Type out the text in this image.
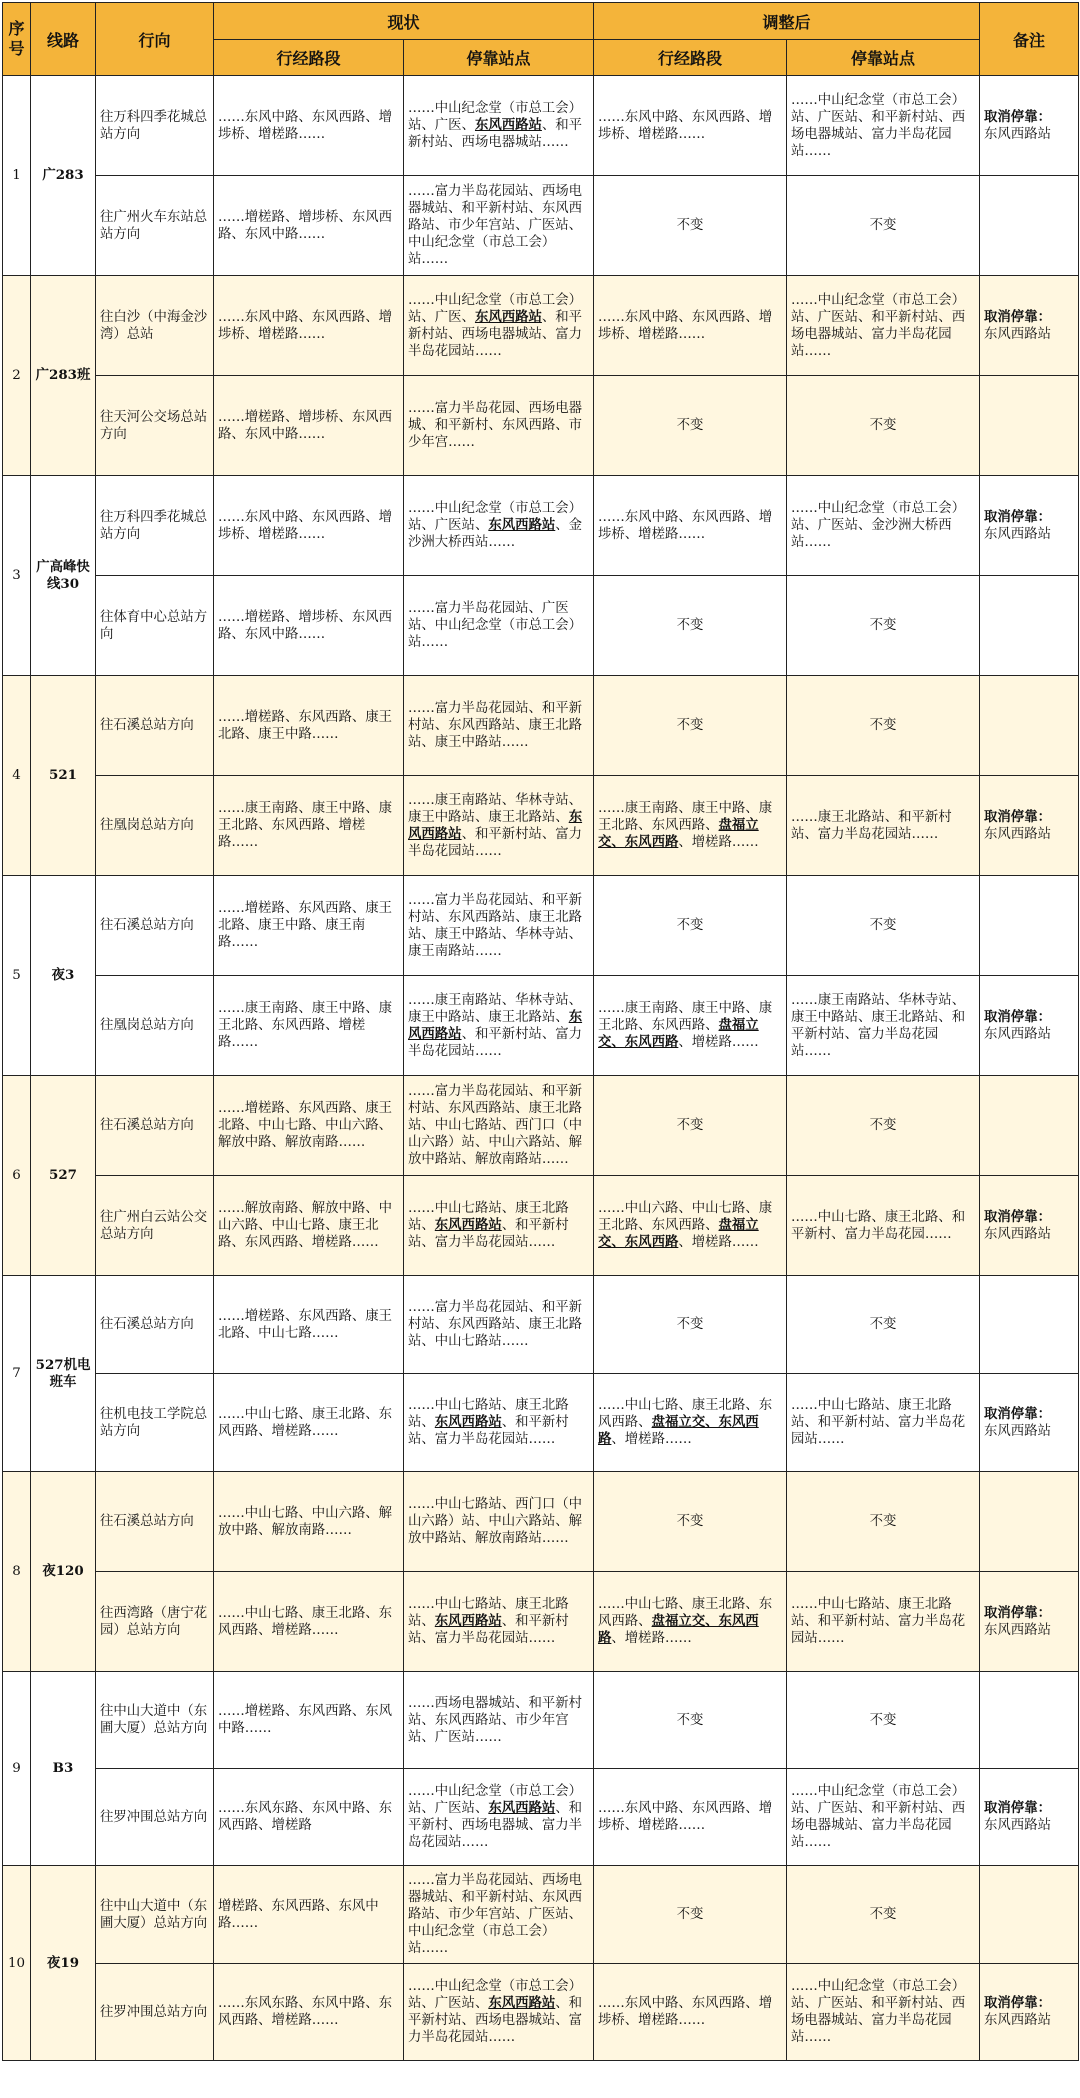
序号	线路	行向	现状		调整后		备注
			行经路段	停靠站点	行经路段	停靠站点	
1	广283	往万科四季花城总站方向	……东风中路、东风西路、增埗桥、增槎路……	……中山纪念堂（市总工会）站、广医、东风西路站、和平新村站、西场电器城站……	……东风中路、东风西路、增埗桥、增槎路……	……中山纪念堂（市总工会）站、广医站、和平新村站、西场电器城站、富力半岛花园站……	取消停靠：
东风西路站
		往广州火车东站总站方向	……增槎路、增埗桥、东风西路、东风中路……	……富力半岛花园站、西场电器城站、和平新村站、东风西路站、市少年宫站、广医站、中山纪念堂（市总工会）站……	不变	不变	
2	广283班	往白沙（中海金沙湾）总站	……东风中路、东风西路、增埗桥、增槎路……	……中山纪念堂（市总工会）站、广医、东风西路站、和平新村站、西场电器城站、富力半岛花园站……	……东风中路、东风西路、增埗桥、增槎路……	……中山纪念堂（市总工会）站、广医站、和平新村站、西场电器城站、富力半岛花园站……	取消停靠：
东风西路站
		往天河公交场总站方向	……增槎路、增埗桥、东风西路、东风中路……	……富力半岛花园、西场电器城、和平新村、东风西路、市少年宫……	不变	不变	
3	广高峰快线30	往万科四季花城总站方向	……东风中路、东风西路、增埗桥、增槎路……	……中山纪念堂（市总工会）站、广医站、东风西路站、金沙洲大桥西站……	……东风中路、东风西路、增埗桥、增槎路……	……中山纪念堂（市总工会）站、广医站、金沙洲大桥西站……	取消停靠：
东风西路站
		往体育中心总站方向	……增槎路、增埗桥、东风西路、东风中路……	……富力半岛花园站、广医站、中山纪念堂（市总工会）站……	不变	不变	
4	521	往石溪总站方向	……增槎路、东风西路、康王北路、康王中路……	……富力半岛花园站、和平新村站、东风西路站、康王北路站、康王中路站……	不变	不变	
		往凰岗总站方向	……康王南路、康王中路、康王北路、东风西路、增槎路……	……康王南路站、华林寺站、康王中路站、康王北路站、东风西路站、和平新村站、富力半岛花园站……	……康王南路、康王中路、康王北路、东风西路、盘福立交、东风西路、增槎路……	……康王北路站、和平新村站、富力半岛花园站……	取消停靠：
东风西路站
5	夜3	往石溪总站方向	……增槎路、东风西路、康王北路、康王中路、康王南路……	……富力半岛花园站、和平新村站、东风西路站、康王北路站、康王中路站、华林寺站、康王南路站……	不变	不变	
		往凰岗总站方向	……康王南路、康王中路、康王北路、东风西路、增槎路……	……康王南路站、华林寺站、康王中路站、康王北路站、东风西路站、和平新村站、富力半岛花园站……	……康王南路、康王中路、康王北路、东风西路、盘福立交、东风西路、增槎路……	……康王南路站、华林寺站、康王中路站、康王北路站、和平新村站、富力半岛花园站……	取消停靠：
东风西路站
6	527	往石溪总站方向	……增槎路、东风西路、康王北路、中山七路、中山六路、解放中路、解放南路……	……富力半岛花园站、和平新村站、东风西路站、康王北路站、中山七路站、西门口（中山六路）站、中山六路站、解放中路站、解放南路站……	不变	不变	
		往广州白云站公交总站方向	……解放南路、解放中路、中山六路、中山七路、康王北路、东风西路、增槎路……	……中山七路站、康王北路站、东风西路站、和平新村站、富力半岛花园站……	……中山六路、中山七路、康王北路、东风西路、盘福立交、东风西路、增槎路……	……中山七路、康王北路、和平新村、富力半岛花园……	取消停靠：
东风西路站
7	527机电班车	往石溪总站方向	……增槎路、东风西路、康王北路、中山七路……	……富力半岛花园站、和平新村站、东风西路站、康王北路站、中山七路站……	不变	不变	
		往机电技工学院总站方向	……中山七路、康王北路、东风西路、增槎路……	……中山七路站、康王北路站、东风西路站、和平新村站、富力半岛花园站……	……中山七路、康王北路、东风西路、盘福立交、东风西路、增槎路……	……中山七路站、康王北路站、和平新村站、富力半岛花园站……	取消停靠：
东风西路站
8	夜120	往石溪总站方向	……中山七路、中山六路、解放中路、解放南路……	……中山七路站、西门口（中山六路）站、中山六路站、解放中路站、解放南路站……	不变	不变	
		往西湾路（唐宁花园）总站方向	……中山七路、康王北路、东风西路、增槎路……	……中山七路站、康王北路站、东风西路站、和平新村站、富力半岛花园站……	……中山七路、康王北路、东风西路、盘福立交、东风西路、增槎路……	……中山七路站、康王北路站、和平新村站、富力半岛花园站……	取消停靠：
东风西路站
9	B3	往中山大道中（东圃大厦）总站方向	……增槎路、东风西路、东风中路……	……西场电器城站、和平新村站、东风西路站、市少年宫站、广医站……	不变	不变	
		往罗冲围总站方向	……东风东路、东风中路、东风西路、增槎路	……中山纪念堂（市总工会）站、广医站、东风西路站、和平新村、西场电器城、富力半岛花园站……	……东风中路、东风西路、增埗桥、增槎路……	……中山纪念堂（市总工会）站、广医站、和平新村站、西场电器城站、富力半岛花园站……	取消停靠：
东风西路站
10	夜19	往中山大道中（东圃大厦）总站方向	增槎路、东风西路、东风中路……	……富力半岛花园站、西场电器城站、和平新村站、东风西路站、市少年宫站、广医站、中山纪念堂（市总工会）站……	不变	不变	
		往罗冲围总站方向	……东风东路、东风中路、东风西路、增槎路……	……中山纪念堂（市总工会）站、广医站、东风西路站、和平新村站、西场电器城站、富力半岛花园站……	……东风中路、东风西路、增埗桥、增槎路……	……中山纪念堂（市总工会）站、广医站、和平新村站、西场电器城站、富力半岛花园站……	取消停靠：
东风西路站
